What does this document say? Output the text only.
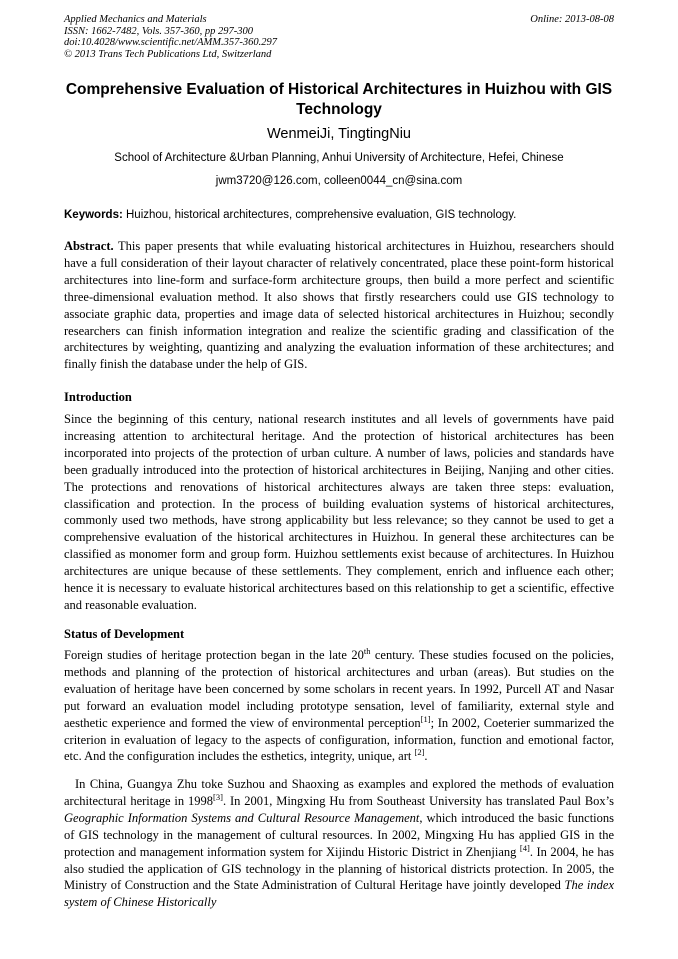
Applied Mechanics and Materials
ISSN: 1662-7482, Vols. 357-360, pp 297-300
doi:10.4028/www.scientific.net/AMM.357-360.297
© 2013 Trans Tech Publications Ltd, Switzerland
Online: 2013-08-08
Comprehensive Evaluation of Historical Architectures in Huizhou with GIS Technology
WenmeiJi, TingtingNiu
School of Architecture &Urban Planning, Anhui University of Architecture, Hefei, Chinese
jwm3720@126.com, colleen0044_cn@sina.com
Keywords: Huizhou, historical architectures, comprehensive evaluation, GIS technology.

Abstract. This paper presents that while evaluating historical architectures in Huizhou, researchers should have a full consideration of their layout character of relatively concentrated, place these point-form historical architectures into line-form and surface-form architecture groups, then build a more perfect and scientific three-dimensional evaluation method. It also shows that firstly researchers could use GIS technology to associate graphic data, properties and image data of selected historical architectures in Huizhou; secondly researchers can finish information integration and realize the scientific grading and classification of the architectures by weighting, quantizing and analyzing the evaluation information of these architectures; and finally finish the database under the help of GIS.

Introduction

Since the beginning of this century, national research institutes and all levels of governments have paid increasing attention to architectural heritage. And the protection of historical architectures has been incorporated into projects of the protection of urban culture. A number of laws, policies and standards have been gradually introduced into the protection of historical architectures in Beijing, Nanjing and other cities. The protections and renovations of historical architectures always are taken three steps: evaluation, classification and protection. In the process of building evaluation systems of historical architectures, commonly used two methods, have strong applicability but less relevance; so they cannot be used to get a comprehensive evaluation of the historical architectures in Huizhou. In general these architectures can be classified as monomer form and group form. Huizhou settlements exist because of architectures. In Huizhou architectures are unique because of these settlements. They complement, enrich and influence each other; hence it is necessary to evaluate historical architectures based on this relationship to get a scientific, effective and reasonable evaluation.

Status of Development

Foreign studies of heritage protection began in the late 20th century. These studies focused on the policies, methods and planning of the protection of historical architectures and urban (areas). But studies on the evaluation of heritage have been concerned by some scholars in recent years. In 1992, Purcell AT and Nasar put forward an evaluation model including prototype sensation, level of familiarity, external style and aesthetic experience and formed the view of environmental perception[1]; In 2002, Coeterier summarized the criterion in evaluation of legacy to the aspects of configuration, information, function and emotional factor, etc. And the configuration includes the esthetics, integrity, unique, art [2].

In China, Guangya Zhu toke Suzhou and Shaoxing as examples and explored the methods of evaluation architectural heritage in 1998[3]. In 2001, Mingxing Hu from Southeast University has translated Paul Box’s Geographic Information Systems and Cultural Resource Management, which introduced the basic functions of GIS technology in the management of cultural resources. In 2002, Mingxing Hu has applied GIS in the protection and management information system for Xijindu Historic District in Zhenjiang [4]. In 2004, he has also studied the application of GIS technology in the planning of historical districts protection. In 2005, the Ministry of Construction and the State Administration of Cultural Heritage have jointly developed The index system of Chinese Historically
